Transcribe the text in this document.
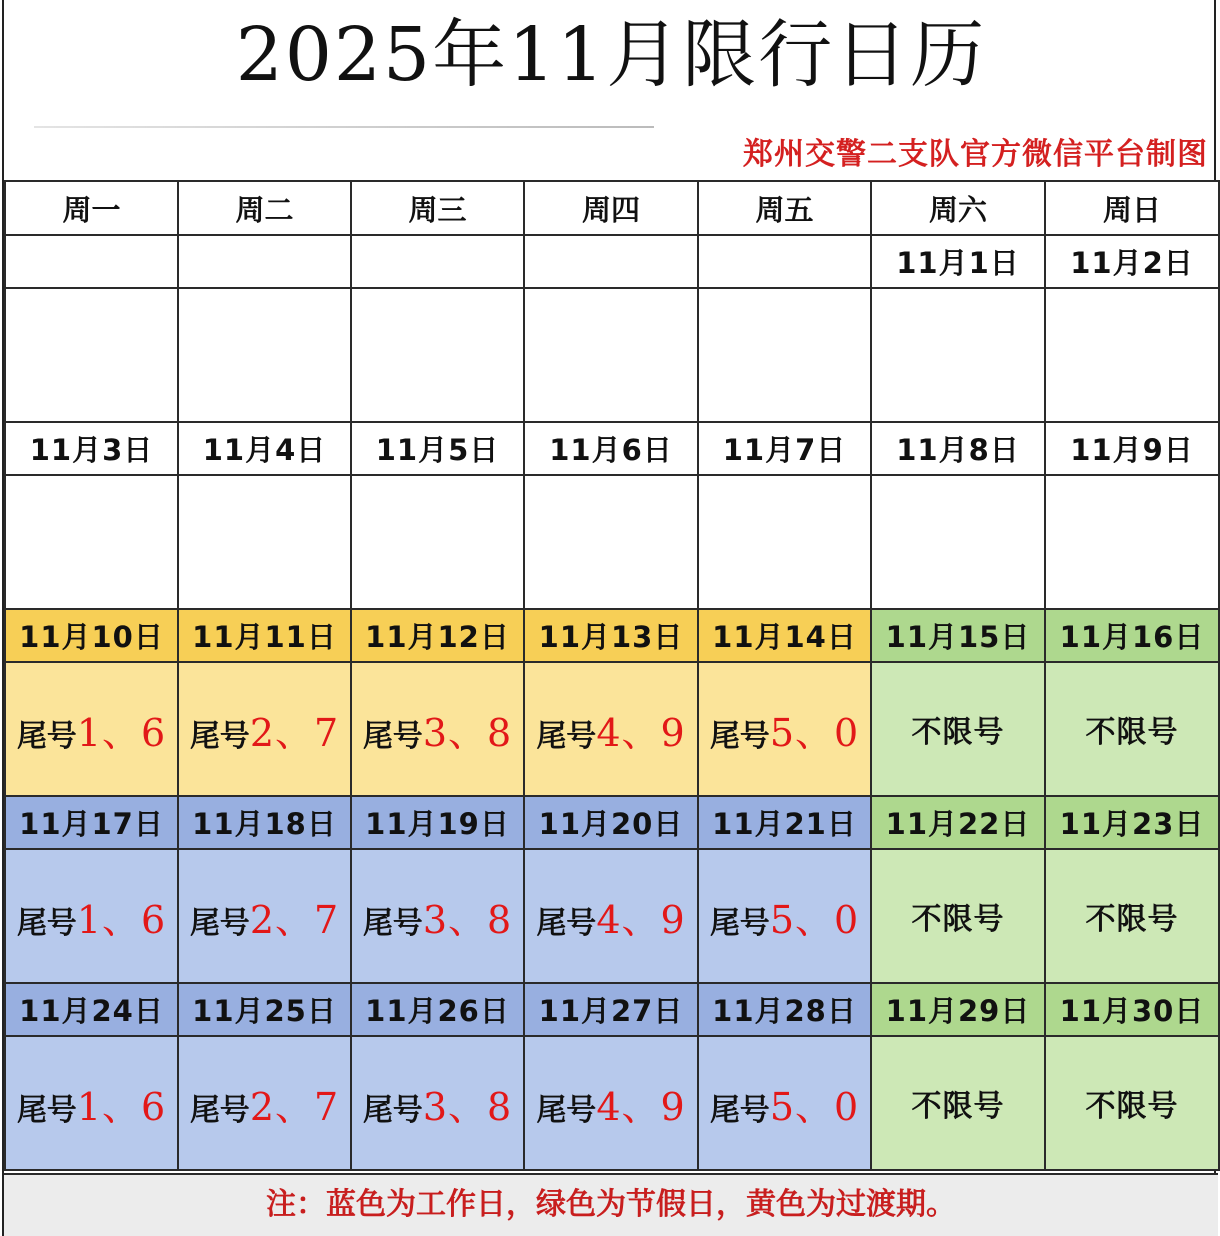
2025年11月限行日历
郑州交警二支队官方微信平台制图
周一	周二	周三	周四	周五	周六	周日
					11月1日	11月2日

11月3日	11月4日	11月5日	11月6日	11月7日	11月8日	11月9日

11月10日	11月11日	11月12日	11月13日	11月14日	11月15日	11月16日
尾号1、6	尾号2、7	尾号3、8	尾号4、9	尾号5、0	不限号	不限号
11月17日	11月18日	11月19日	11月20日	11月21日	11月22日	11月23日
尾号1、6	尾号2、7	尾号3、8	尾号4、9	尾号5、0	不限号	不限号
11月24日	11月25日	11月26日	11月27日	11月28日	11月29日	11月30日
尾号1、6	尾号2、7	尾号3、8	尾号4、9	尾号5、0	不限号	不限号
注：蓝色为工作日，绿色为节假日，黄色为过渡期。
